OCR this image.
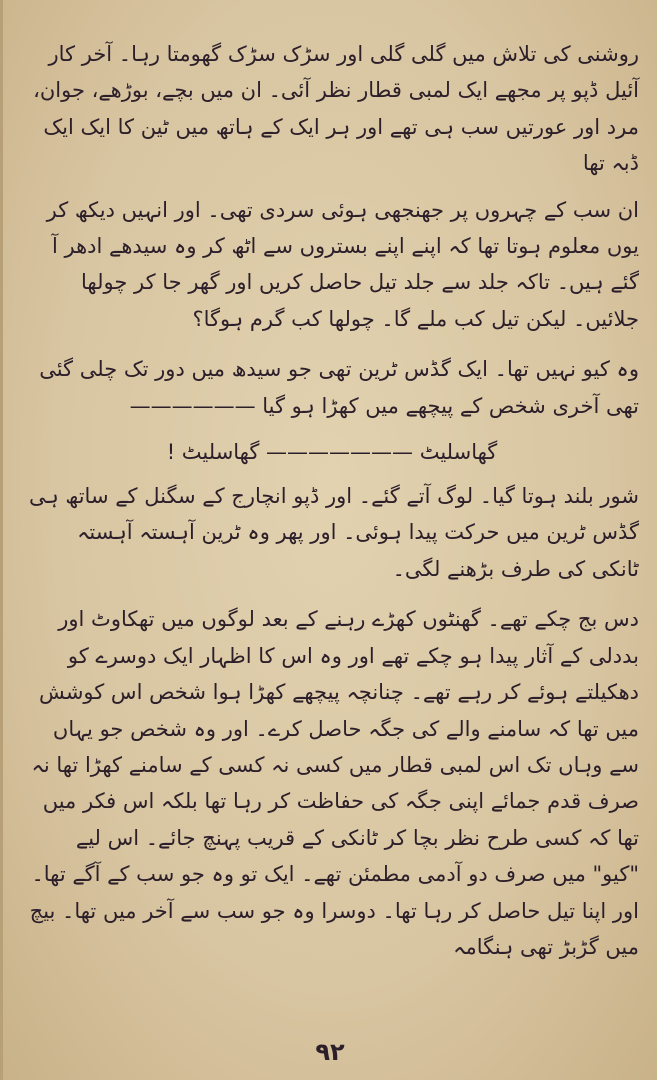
روشنی کی تلاش میں گلی گلی اور سڑک سڑک گھومتا رہا۔ آخر کار آئیل ڈپو پر مجھے ایک لمبی قطار نظر آئی۔ ان میں بچے، بوڑھے، جوان، مرد اور عورتیں سب ہی تھے اور ہر ایک کے ہاتھ میں ٹین کا ایک ایک ڈبہ تھا

ان سب کے چہروں پر جھنجھی ہوئی سردی تھی۔ اور انہیں دیکھ کر یوں معلوم ہوتا تھا کہ اپنے اپنے بستروں سے اٹھ کر وہ سیدھے ادھر آ گئے ہیں۔ تاکہ جلد سے جلد تیل حاصل کریں اور گھر جا کر چولھا جلائیں۔ لیکن تیل کب ملے گا۔ چولھا کب گرم ہوگا؟

وہ کیو نہیں تھا۔ ایک گڈس ٹرین تھی جو سیدھ میں دور تک چلی گئی تھی آخری شخص کے پیچھے میں کھڑا ہو گیا ——————

گھاسلیٹ ——————— گھاسلیٹ !

شور بلند ہوتا گیا۔ لوگ آتے گئے۔ اور ڈپو انچارج کے سگنل کے ساتھ ہی گڈس ٹرین میں حرکت پیدا ہوئی۔ اور پھر وہ ٹرین آہستہ آہستہ ٹانکی کی طرف بڑھنے لگی۔

دس بج چکے تھے۔ گھنٹوں کھڑے رہنے کے بعد لوگوں میں تھکاوٹ اور بددلی کے آثار پیدا ہو چکے تھے اور وہ اس کا اظہار ایک دوسرے کو دھکیلتے ہوئے کر رہے تھے۔ چنانچہ پیچھے کھڑا ہوا شخص اس کوشش میں تھا کہ سامنے والے کی جگہ حاصل کرے۔ اور وہ شخص جو یہاں سے وہاں تک اس لمبی قطار میں کسی نہ کسی کے سامنے کھڑا تھا نہ صرف قدم جمائے اپنی جگہ کی حفاظت کر رہا تھا بلکہ اس فکر میں تھا کہ کسی طرح نظر بچا کر ٹانکی کے قریب پہنچ جائے۔ اس لیے "کیو" میں صرف دو آدمی مطمئن تھے۔ ایک تو وہ جو سب کے آگے تھا۔ اور اپنا تیل حاصل کر رہا تھا۔ دوسرا وہ جو سب سے آخر میں تھا۔ بیچ میں گڑبڑ تھی ہنگامہ

۹۲
